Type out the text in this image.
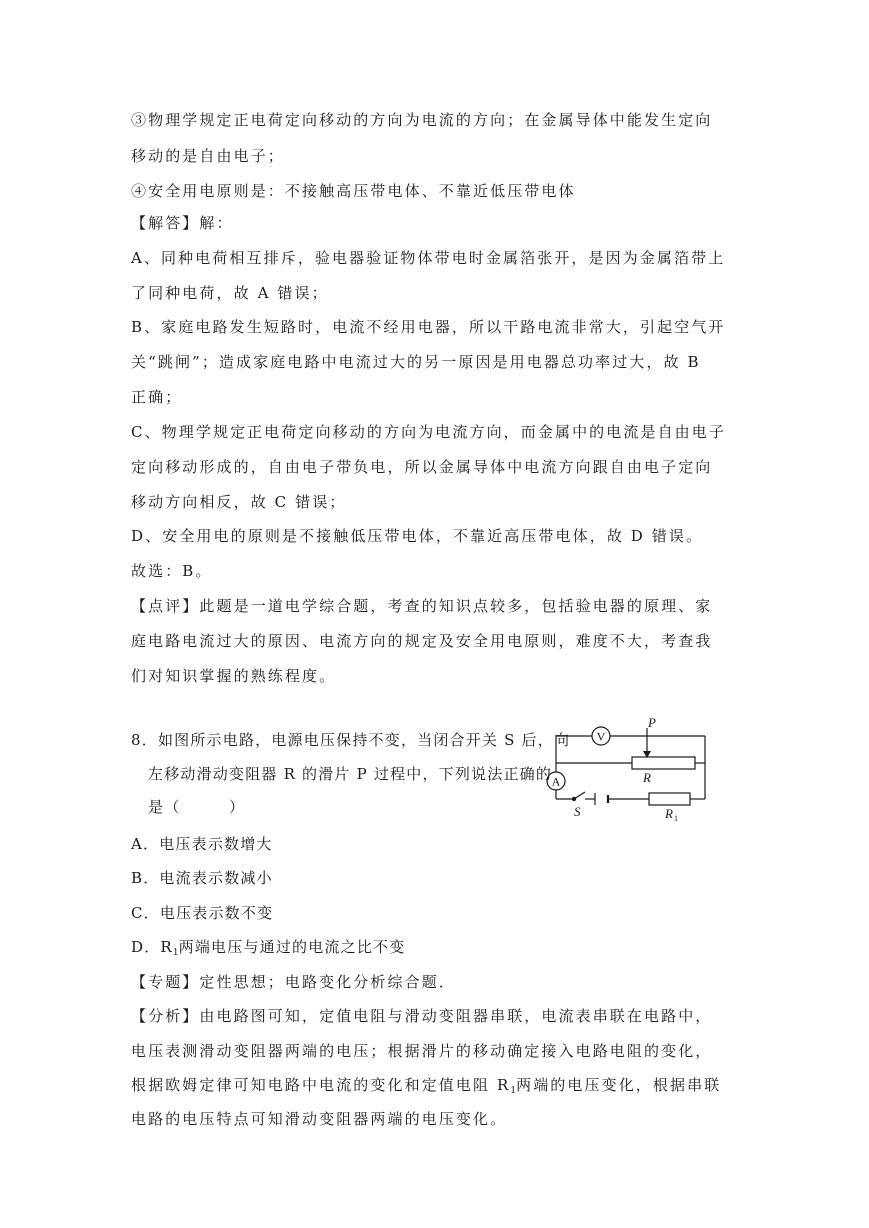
③物理学规定正电荷定向移动的方向为电流的方向；在金属导体中能发生定向
移动的是自由电子；
④安全用电原则是：不接触高压带电体、不靠近低压带电体
【解答】解：
A、同种电荷相互排斥，验电器验证物体带电时金属箔张开，是因为金属箔带上
了同种电荷，故 A 错误；
B、家庭电路发生短路时，电流不经用电器，所以干路电流非常大，引起空气开
关“跳闸”；造成家庭电路中电流过大的另一原因是用电器总功率过大，故 B
正确；
C、物理学规定正电荷定向移动的方向为电流方向，而金属中的电流是自由电子
定向移动形成的，自由电子带负电，所以金属导体中电流方向跟自由电子定向
移动方向相反，故 C 错误；
D、安全用电的原则是不接触低压带电体，不靠近高压带电体，故 D 错误。
故选：B。
【点评】此题是一道电学综合题，考查的知识点较多，包括验电器的原理、家
庭电路电流过大的原因、电流方向的规定及安全用电原则，难度不大，考查我
们对知识掌握的熟练程度。
8．如图所示电路，电源电压保持不变，当闭合开关 S 后，向
左移动滑动变阻器 R 的滑片 P 过程中，下列说法正确的
是（　　　）
A．电压表示数增大
B．电流表示数减小
C．电压表示数不变
D．$R_1$两端电压与通过的电流之比不变
【专题】定性思想；电路变化分析综合题．
【分析】由电路图可知，定值电阻与滑动变阻器串联，电流表串联在电路中，
电压表测滑动变阻器两端的电压；根据滑片的移动确定接入电路电阻的变化，
根据欧姆定律可知电路中电流的变化和定值电阻 $R_1$两端的电压变化，根据串联
电路的电压特点可知滑动变阻器两端的电压变化。
V
A
P
R
S	R 1
